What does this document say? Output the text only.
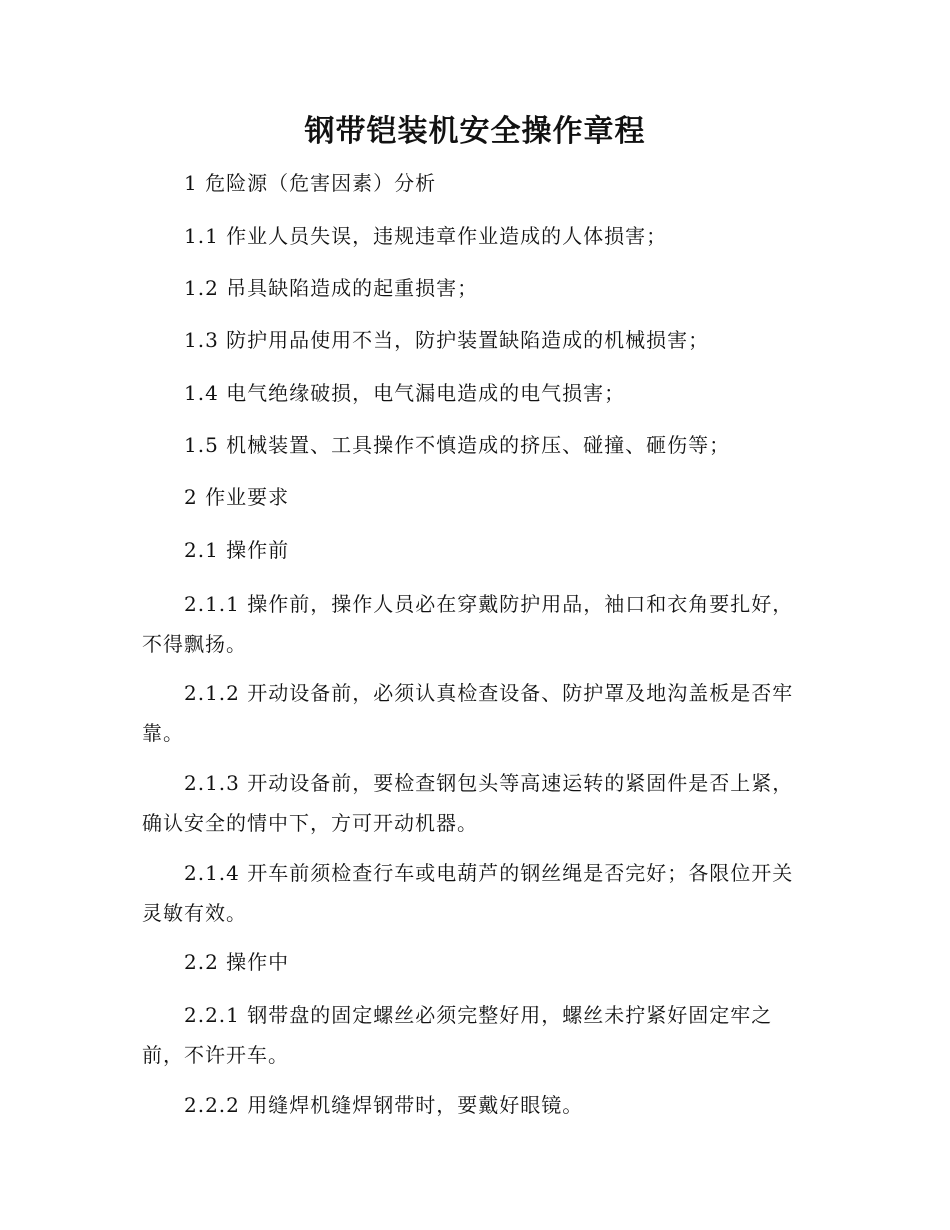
钢带铠装机安全操作章程
1 危险源（危害因素）分析
1.1 作业人员失误，违规违章作业造成的人体损害；
1.2 吊具缺陷造成的起重损害；
1.3 防护用品使用不当，防护装置缺陷造成的机械损害；
1.4 电气绝缘破损，电气漏电造成的电气损害；
1.5 机械装置、工具操作不慎造成的挤压、碰撞、砸伤等；
2 作业要求
2.1 操作前
2.1.1 操作前，操作人员必在穿戴防护用品，袖口和衣角要扎好，不得飘扬。
2.1.2 开动设备前，必须认真检查设备、防护罩及地沟盖板是否牢靠。
2.1.3 开动设备前，要检查钢包头等高速运转的紧固件是否上紧，确认安全的情中下，方可开动机器。
2.1.4 开车前须检查行车或电葫芦的钢丝绳是否完好；各限位开关灵敏有效。
2.2 操作中
2.2.1 钢带盘的固定螺丝必须完整好用，螺丝未拧紧好固定牢之前，不许开车。
2.2.2 用缝焊机缝焊钢带时，要戴好眼镜。
